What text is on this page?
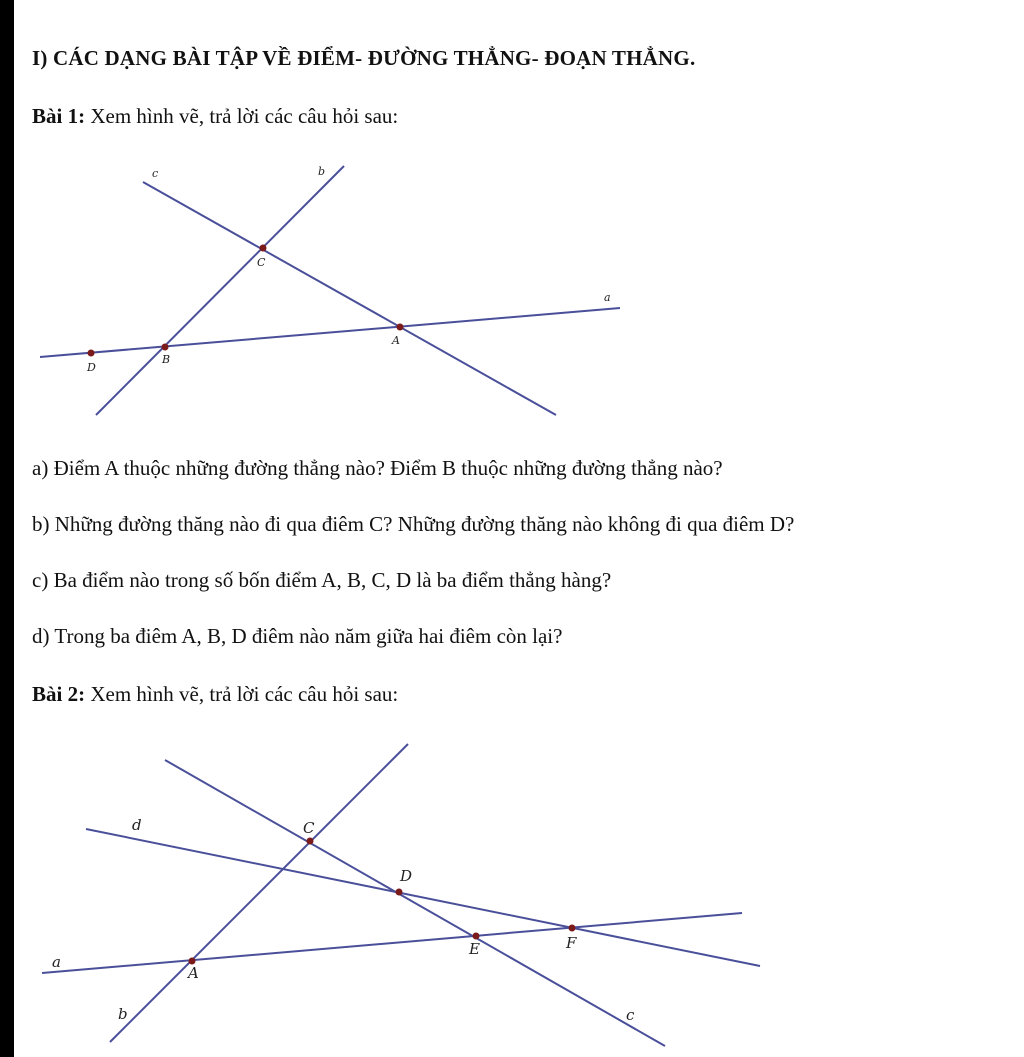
I) CÁC DẠNG BÀI TẬP VỀ ĐIỂM- ĐƯỜNG THẲNG- ĐOẠN THẲNG.
Bài 1: Xem hình vẽ, trả lời các câu hỏi sau:
c	b
a
C
A
B
D
a) Điểm A thuộc những đường thẳng nào? Điểm B thuộc những đường thẳng nào?
b) Những đường thăng nào đi qua điêm C? Những đường thăng nào không đi qua điêm D?
c) Ba điểm nào trong số bốn điểm A, B, C, D là ba điểm thẳng hàng?
d) Trong ba điêm A, B, D điêm nào năm giữa hai điêm còn lại?
Bài 2: Xem hình vẽ, trả lời các câu hỏi sau:
d	C
D
a
A
E	F
b	c
